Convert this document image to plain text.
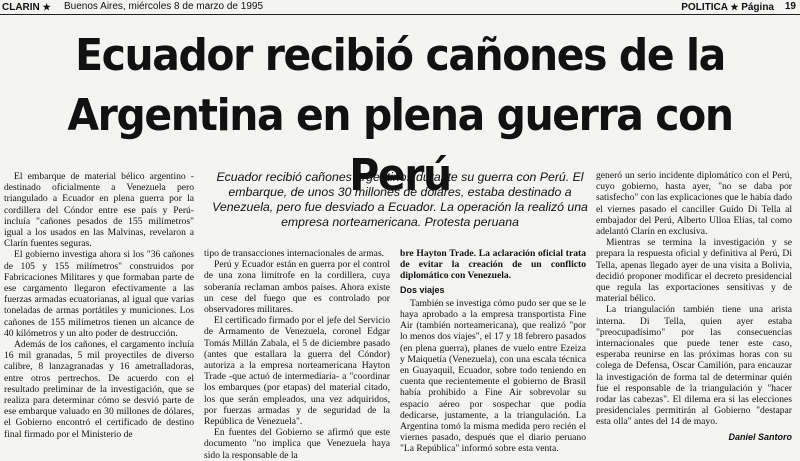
CLARIN ★ Buenos Aires, miércoles 8 de marzo de 1995	POLITICA ★ Página 19
Ecuador recibió cañones de la
Argentina en plena guerra con Perú

El embarque de material bélico argentino -destinado oficialmente a Venezuela pero triangulado a Ecuador en plena guerra por la cordillera del Cóndor entre ese país y Perú- incluía "cañones pesados de 155 milímetros" igual a los usados en las Malvinas, revelaron a Clarín fuentes seguras.

El gobierno investiga ahora si los "36 cañones de 105 y 155 milímetros" construidos por Fabricaciones Militares y que formaban parte de ese cargamento llegaron efectivamente a las fuerzas armadas ecuatorianas, al igual que varias toneladas de armas portátiles y municiones. Los cañones de 155 milímetros tienen un alcance de 40 kilómetros y un alto poder de destrucción.

Además de los cañones, el cargamento incluía 16 mil granadas, 5 mil proyectiles de diverso calibre, 8 lanzagranadas y 16 ametralladoras, entre otros pertrechos. De acuerdo con el resultado preliminar de la investigación, que se realiza para determinar cómo se desvió parte de ese embarque valuado en 30 millones de dólares, el Gobierno encontró el certificado de destino final firmado por el Ministerio de

Ecuador recibió cañones argentinos durante su guerra con Perú. El embarque, de unos 30 millones de dólares, estaba destinado a Venezuela, pero fue desviado a Ecuador. La operación la realizó una empresa norteamericana. Protesta peruana

tipo de transacciones internacionales de armas.

Perú y Ecuador están en guerra por el control de una zona limítrofe en la cordillera, cuya soberanía reclaman ambos países. Ahora existe un cese del fuego que es controlado por observadores militares.

El certificado firmado por el jefe del Servicio de Armamento de Venezuela, coronel Edgar Tomás Millán Zabala, el 5 de diciembre pasado (antes que estallara la guerra del Cóndor) autoriza a la empresa norteamericana Hayton Trade -que actuó de intermediaria- a "coordinar los embarques (por etapas) del material citado, los que serán empleados, una vez adquiridos, por fuerzas armadas y de seguridad de la República de Venezuela".

En fuentes del Gobierno se afirmó que este documento "no implica que Venezuela haya sido la responsable de la

bre Hayton Trade. La aclaración oficial trata de evitar la creación de un conflicto diplomático con Venezuela.

Dos viajes

También se investiga cómo pudo ser que se le haya aprobado a la empresa transportista Fine Air (también norteamericana), que realizó "por lo menos dos viajes", el 17 y 18 febrero pasados (en plena guerra), planes de vuelo entre Ezeiza y Maiquetía (Venezuela), con una escala técnica en Guayaquil, Ecuador, sobre todo teniendo en cuenta que recientemente el gobierno de Brasil había prohibido a Fine Air sobrevolar su espacio aéreo por sospechar que podía dedicarse, justamente, a la triangulación. La Argentina tomó la misma medida pero recién el viernes pasado, después que el diario peruano "La República" informó sobre esta venta.

generó un serio incidente diplomático con el Perú, cuyo gobierno, hasta ayer, "no se daba por satisfecho" con las explicaciones que le había dado el viernes pasado el canciller Guido Di Tella al embajador del Perú, Alberto Ulloa Elías, tal como adelantó Clarín en exclusiva.

Mientras se termina la investigación y se prepara la respuesta oficial y definitiva al Perú, Di Tella, apenas llegado ayer de una visita a Bolivia, decidió proponer modificar el decreto presidencial que regula las exportaciones sensitivas y de material bélico.

La triangulación también tiene una arista interna. Di Tella, quien ayer estaba "preocupadísimo" por las consecuencias internacionales que puede tener este caso, esperaba reunirse en las próximas horas con su colega de Defensa, Oscar Camilión, para encauzar la investigación de forma tal de determinar quién fue el responsable de la triangulación y "hacer rodar las cabezas". El dilema era si las elecciones presidenciales permitirán al Gobierno "destapar esta olla" antes del 14 de mayo.

Daniel Santoro
